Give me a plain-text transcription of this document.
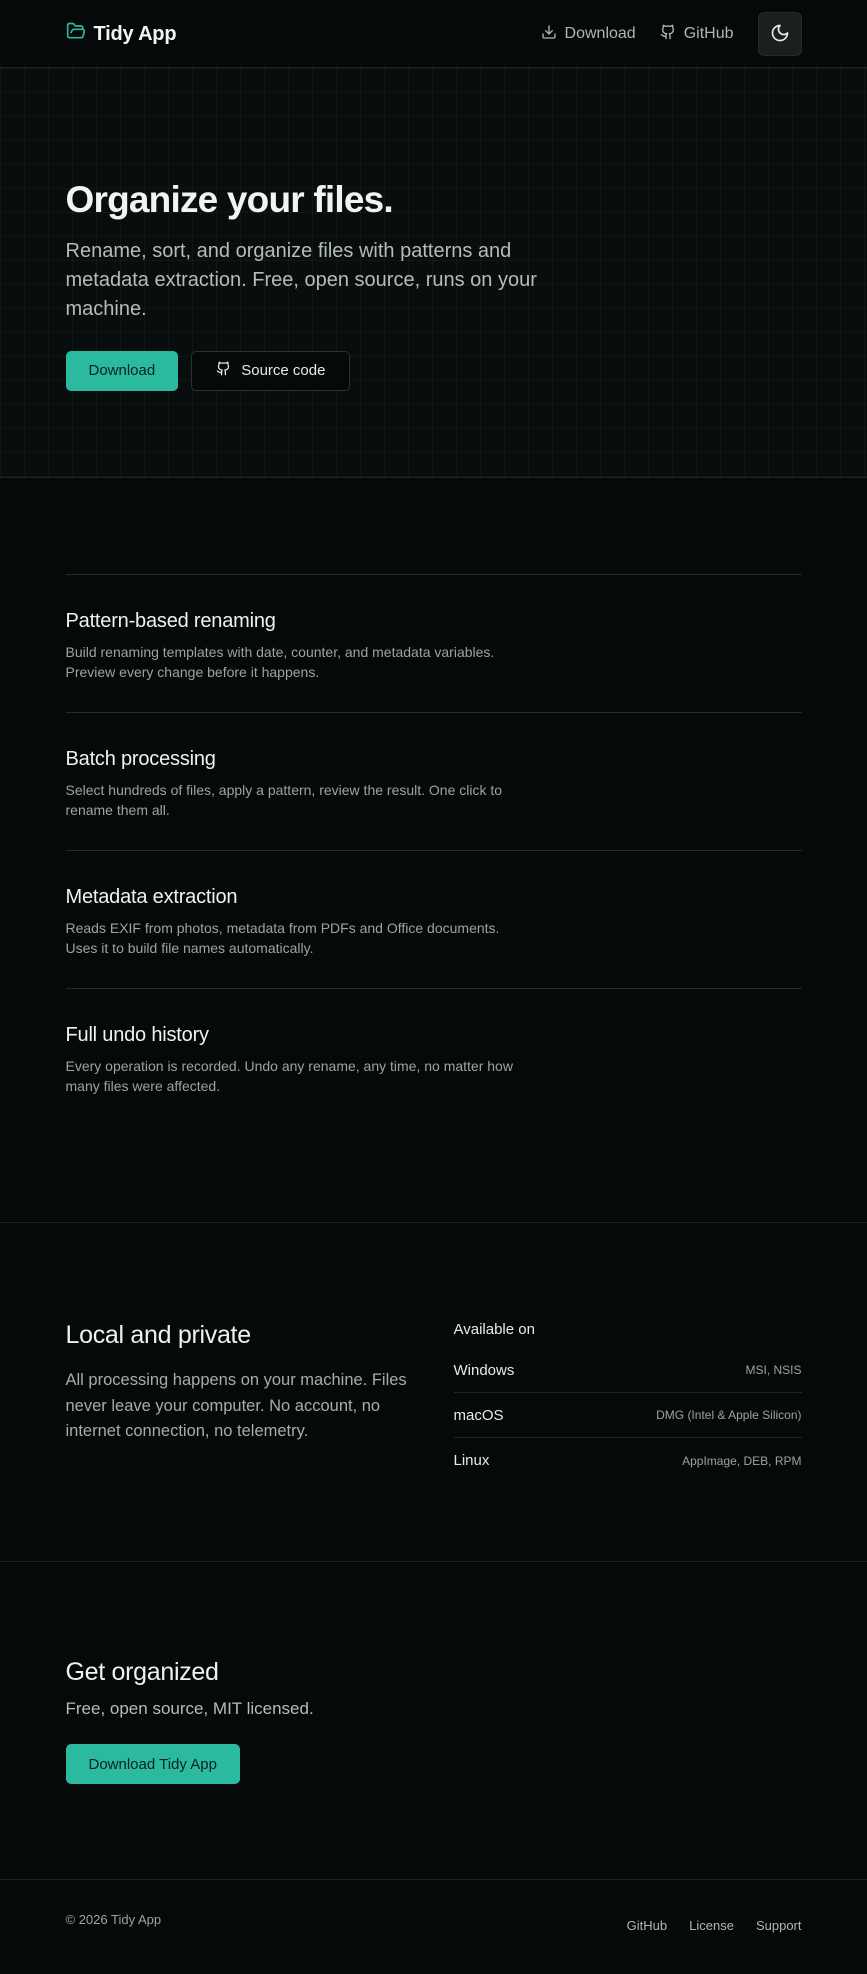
Tidy App	Download	GitHub
Organize your files.

Rename, sort, and organize files with patterns and metadata extraction. Free, open source, runs on your machine.

Download	Source code
Pattern-based renaming

Build renaming templates with date, counter, and metadata variables. Preview every change before it happens.

Batch processing

Select hundreds of files, apply a pattern, review the result. One click to rename them all.

Metadata extraction

Reads EXIF from photos, metadata from PDFs and Office documents. Uses it to build file names automatically.

Full undo history

Every operation is recorded. Undo any rename, any time, no matter how many files were affected.

Local and private

All processing happens on your machine. Files never leave your computer. No account, no internet connection, no telemetry.

Available on
Windows	MSI, NSIS
macOS	DMG (Intel & Apple Silicon)
Linux	AppImage, DEB, RPM
Get organized

Free, open source, MIT licensed.

Download Tidy App
© 2026 Tidy App	GitHub License Support
